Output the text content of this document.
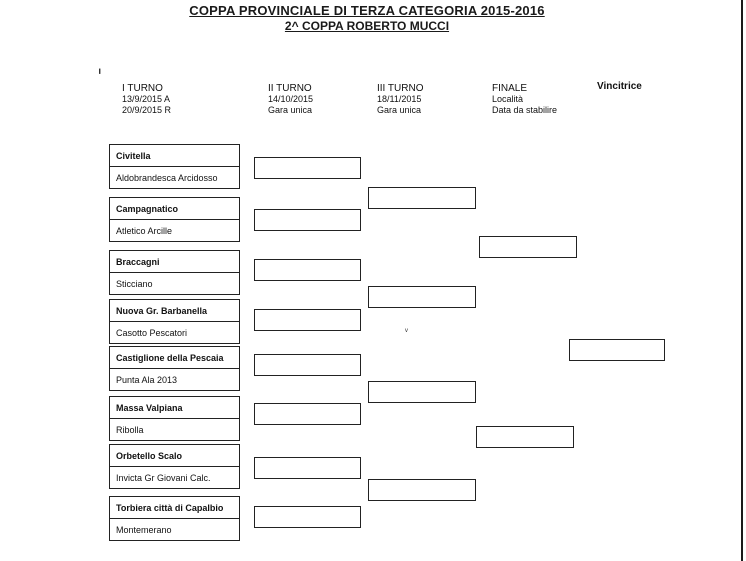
COPPA PROVINCIALE DI TERZA CATEGORIA 2015-2016
2^ COPPA ROBERTO MUCCI
I TURNO
13/9/2015 A
20/9/2015 R
II TURNO
14/10/2015
Gara unica
III TURNO
18/11/2015
Gara unica
FINALE
Località
Data da stabilire
Vincitrice
Civitella
Aldobrandesca Arcidosso
Campagnatico
Atletico Arcille
Braccagni
Sticciano
Nuova Gr. Barbanella
Casotto Pescatori
Castiglione della Pescaia
Punta Ala 2013
Massa Valpiana
Ribolla
Orbetello Scalo
Invicta Gr Giovani Calc.
Torbiera città di Capalbio
Montemerano
╹
ᵛ
